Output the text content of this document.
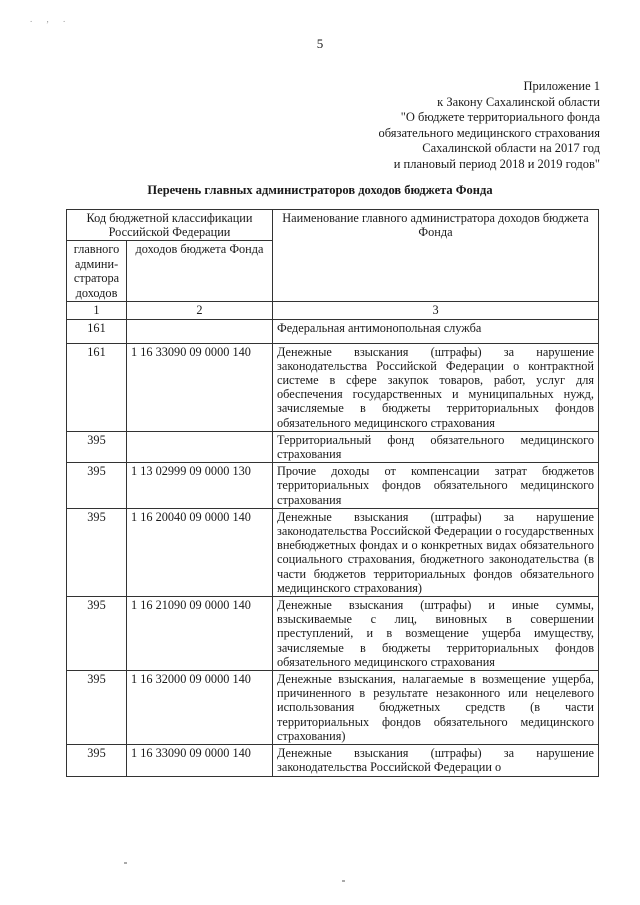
. , .
5
Приложение 1
к Закону Сахалинской области
"О бюджете территориального фонда
обязательного медицинского страхования
Сахалинской области на 2017 год
и плановый период 2018 и 2019 годов"
Перечень главных администраторов доходов бюджета Фонда
Код бюджетной классификации Российской Федерации		Наименование главного администратора доходов бюджета Фонда
главного админи-стратора доходов	доходов бюджета Фонда	
1	2	3
161		Федеральная антимонопольная служба
161	1 16 33090 09 0000 140	Денежные взыскания (штрафы) за нарушение законодательства Российской Федерации о контрактной системе в сфере закупок товаров, работ, услуг для обеспечения государственных и муниципальных нужд, зачисляемые в бюджеты территориальных фондов обязательного медицинского страхования
395		Территориальный фонд обязательного медицинского страхования
395	1 13 02999 09 0000 130	Прочие доходы от компенсации затрат бюджетов территориальных фондов обязательного медицинского страхования
395	1 16 20040 09 0000 140	Денежные взыскания (штрафы) за нарушение законодательства Российской Федерации о государственных внебюджетных фондах и о конкретных видах обязательного социального страхования, бюджетного законодательства (в части бюджетов территориальных фондов обязательного медицинского страхования)
395	1 16 21090 09 0000 140	Денежные взыскания (штрафы) и иные суммы, взыскиваемые с лиц, виновных в совершении преступлений, и в возмещение ущерба имуществу, зачисляемые в бюджеты территориальных фондов обязательного медицинского страхования
395	1 16 32000 09 0000 140	Денежные взыскания, налагаемые в возмещение ущерба, причиненного в результате незаконного или нецелевого использования бюджетных средств (в части территориальных фондов обязательного медицинского страхования)
395	1 16 33090 09 0000 140	Денежные взыскания (штрафы) за нарушение законодательства Российской Федерации о
